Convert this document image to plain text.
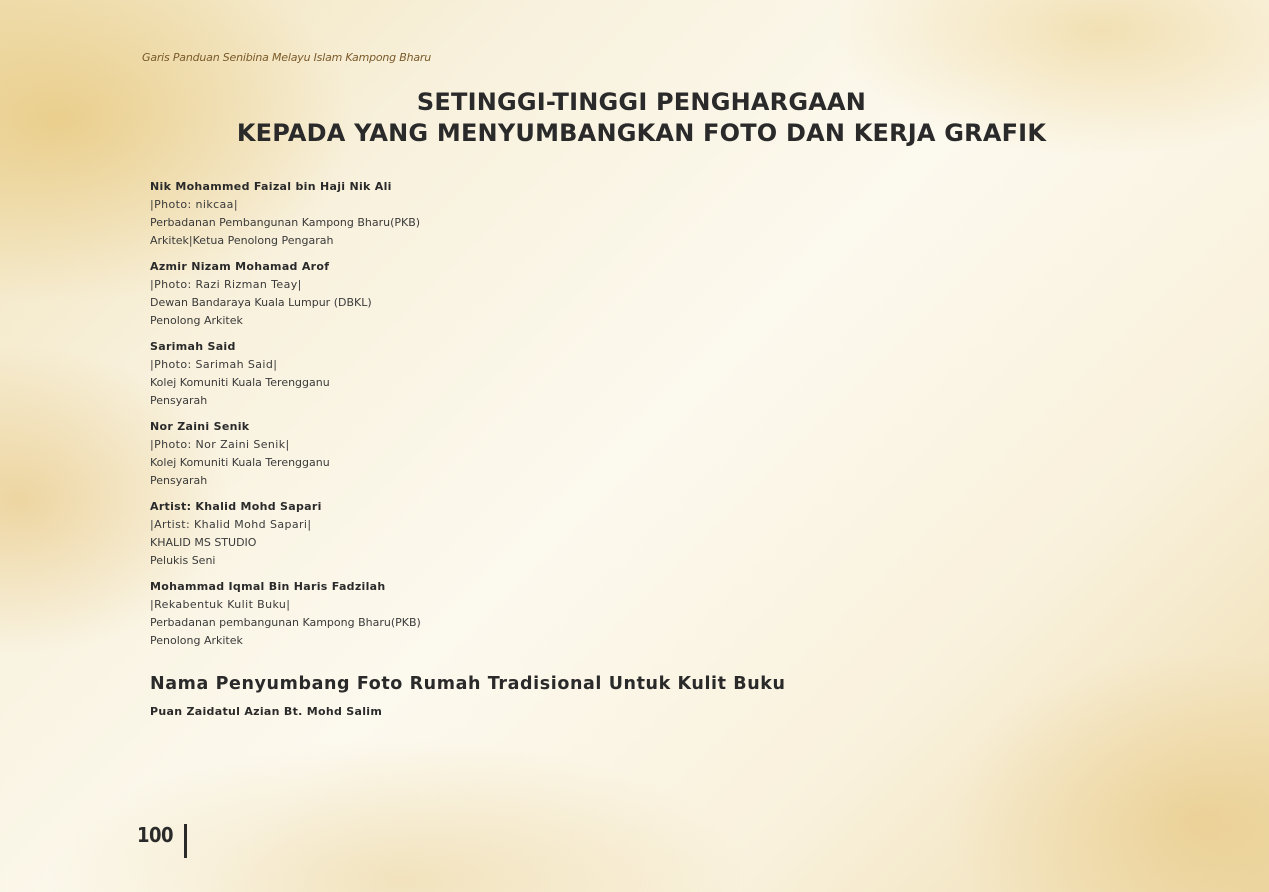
Garis Panduan Senibina Melayu Islam Kampong Bharu
SETINGGI-TINGGI PENGHARGAAN
KEPADA YANG MENYUMBANGKAN FOTO DAN KERJA GRAFIK
Nik Mohammed Faizal bin Haji Nik Ali
|Photo: nikcaa|
Perbadanan Pembangunan Kampong Bharu(PKB)
Arkitek|Ketua Penolong Pengarah
Azmir Nizam Mohamad Arof
|Photo: Razi Rizman Teay|
Dewan Bandaraya Kuala Lumpur (DBKL)
Penolong Arkitek
Sarimah Said
|Photo: Sarimah Said|
Kolej Komuniti Kuala Terengganu
Pensyarah
Nor Zaini Senik
|Photo: Nor Zaini Senik|
Kolej Komuniti Kuala Terengganu
Pensyarah
Artist: Khalid Mohd Sapari
|Artist: Khalid Mohd Sapari|
KHALID MS STUDIO
Pelukis Seni
Mohammad Iqmal Bin Haris Fadzilah
|Rekabentuk Kulit Buku|
Perbadanan pembangunan Kampong Bharu(PKB)
Penolong Arkitek
Nama Penyumbang Foto Rumah Tradisional Untuk Kulit Buku
Puan Zaidatul Azian Bt. Mohd Salim
100
